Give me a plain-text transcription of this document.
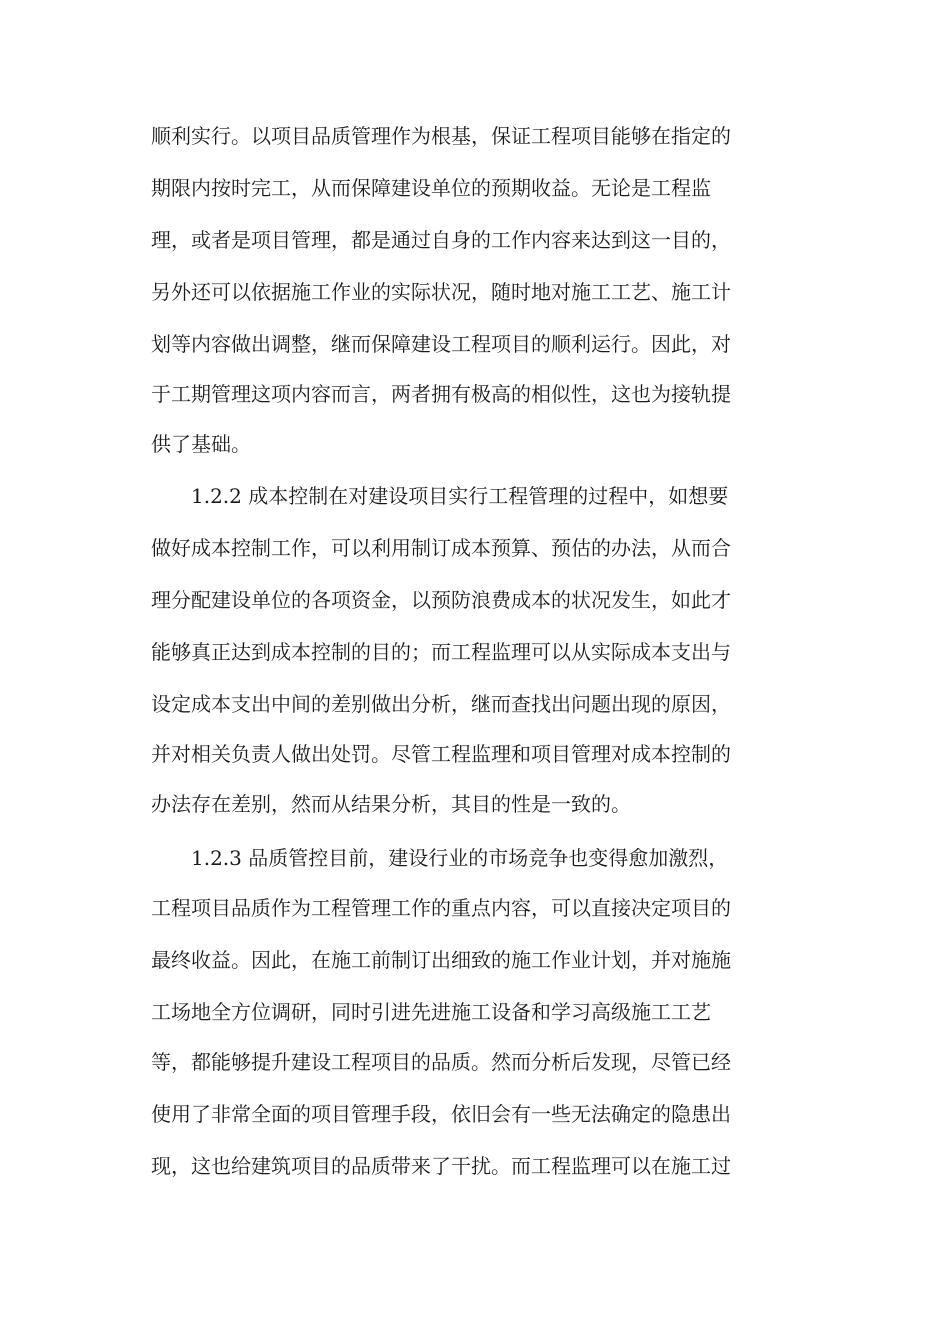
顺利实行。以项目品质管理作为根基，保证工程项目能够在指定的
期限内按时完工，从而保障建设单位的预期收益。无论是工程监
理，或者是项目管理，都是通过自身的工作内容来达到这一目的，
另外还可以依据施工作业的实际状况，随时地对施工工艺、施工计
划等内容做出调整，继而保障建设工程项目的顺利运行。因此，对
于工期管理这项内容而言，两者拥有极高的相似性，这也为接轨提
供了基础。
1.2.2 成本控制在对建设项目实行工程管理的过程中，如想要
做好成本控制工作，可以利用制订成本预算、预估的办法，从而合
理分配建设单位的各项资金，以预防浪费成本的状况发生，如此才
能够真正达到成本控制的目的；而工程监理可以从实际成本支出与
设定成本支出中间的差别做出分析，继而查找出问题出现的原因，
并对相关负责人做出处罚。尽管工程监理和项目管理对成本控制的
办法存在差别，然而从结果分析，其目的性是一致的。
1.2.3 品质管控目前，建设行业的市场竞争也变得愈加激烈，
工程项目品质作为工程管理工作的重点内容，可以直接决定项目的
最终收益。因此，在施工前制订出细致的施工作业计划，并对施施
工场地全方位调研，同时引进先进施工设备和学习高级施工工艺
等，都能够提升建设工程项目的品质。然而分析后发现，尽管已经
使用了非常全面的项目管理手段，依旧会有一些无法确定的隐患出
现，这也给建筑项目的品质带来了干扰。而工程监理可以在施工过
